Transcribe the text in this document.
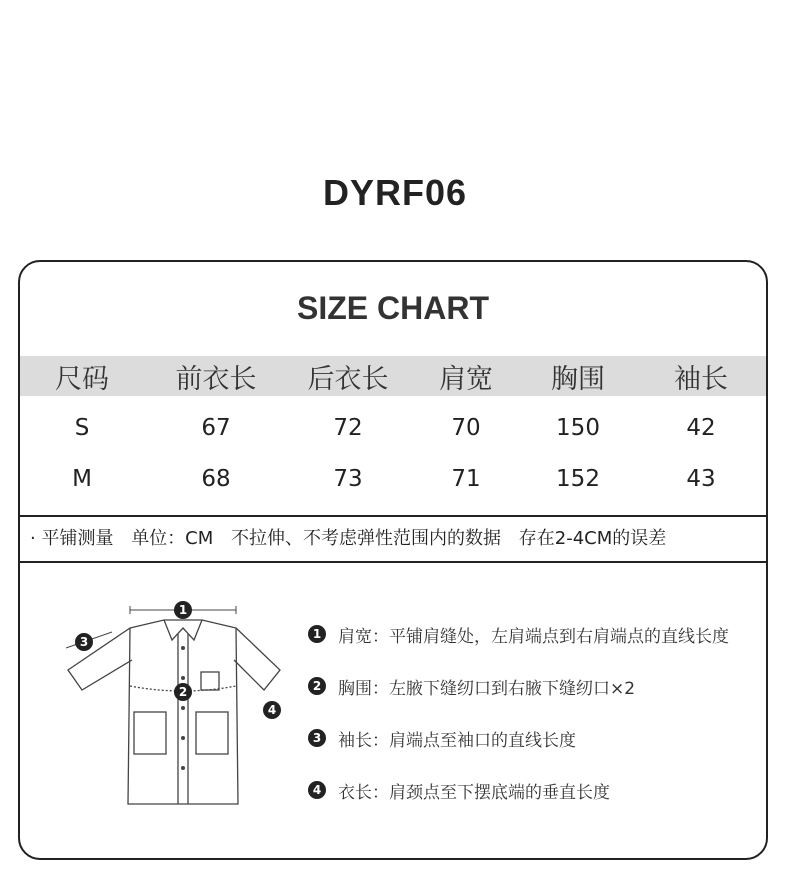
DYRF06
SIZE CHART
尺码	前衣长	后衣长	肩宽	胸围	袖长
S	67	72	70	150	42
M	68	73	71	152	43
· 平铺测量 单位：CM 不拉伸、不考虑弹性范围内的数据 存在2-4CM的误差
1
2
3
4
1 肩宽：平铺肩缝处，左肩端点到右肩端点的直线长度
2 胸围：左腋下缝纫口到右腋下缝纫口×2
3 袖长：肩端点至袖口的直线长度
4 衣长：肩颈点至下摆底端的垂直长度
